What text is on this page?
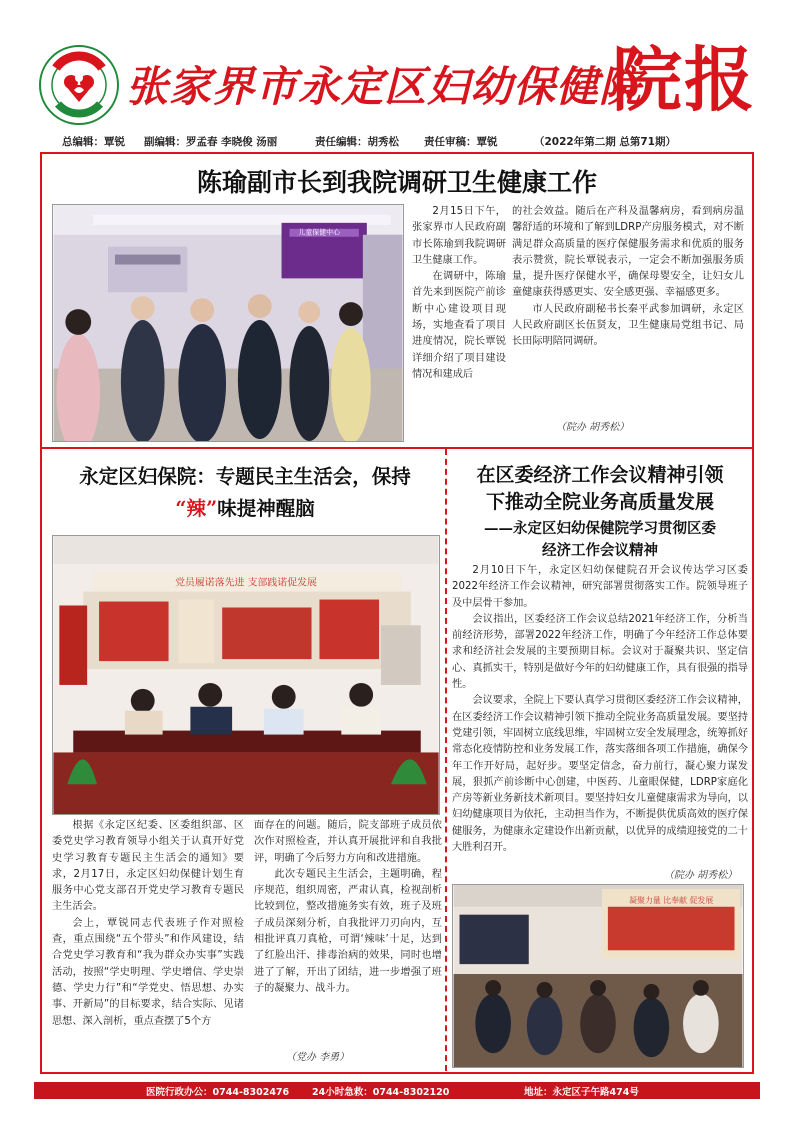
张家界市永定区妇幼保健院
院报
总编辑：覃锐 副编辑：罗孟春 李晓俊 汤丽	责任编辑：胡秀松 责任审稿：覃锐	（2022年第二期 总第71期）
陈瑜副市长到我院调研卫生健康工作
儿童保健中心

2月15日下午，张家界市人民政府副市长陈瑜到我院调研卫生健康工作。

在调研中，陈瑜首先来到医院产前诊断中心建设项目现场，实地查看了项目进度情况，院长覃锐详细介绍了项目建设情况和建成后

的社会效益。随后在产科及温馨病房，看到病房温馨舒适的环境和了解到LDRP产房服务模式，对不断满足群众高质量的医疗保健服务需求和优质的服务表示赞赏，院长覃锐表示，一定会不断加强服务质量，提升医疗保健水平，确保母婴安全，让妇女儿童健康获得感更实、安全感更强、幸福感更多。

市人民政府副秘书长秦平武参加调研，永定区人民政府副区长伍贤友，卫生健康局党组书记、局长田际明陪同调研。

（院办 胡秀松）
永定区妇保院：专题民主生活会，保持
“辣”味提神醒脑
党员履诺落先进 支部践诺促发展

根据《永定区纪委、区委组织部、区委党史学习教育领导小组关于认真开好党史学习教育专题民主生活会的通知》要求，2月17日，永定区妇幼保健计划生育服务中心党支部召开党史学习教育专题民主生活会。

会上，覃锐同志代表班子作对照检查，重点围绕“五个带头”和作风建设，结合党史学习教育和“我为群众办实事”实践活动，按照“学史明理、学史增信、学史崇德、学史力行”和“学党史、悟思想、办实事、开新局”的目标要求，结合实际、见诸思想、深入剖析，重点查摆了5个方

面存在的问题。随后，院支部班子成员依次作对照检查，并认真开展批评和自我批评，明确了今后努力方向和改进措施。

此次专题民主生活会，主题明确，程序规范，组织周密，严肃认真，检视剖析比较到位，整改措施务实有效，班子及班子成员深刻分析，自我批评刀刃向内，互相批评真刀真枪，可谓‘辣味’十足，达到了红脸出汗、排毒治病的效果，同时也增进了了解，开出了团结，进一步增强了班子的凝聚力、战斗力。

（党办 李勇）
在区委经济工作会议精神引领
下推动全院业务高质量发展
——永定区妇幼保健院学习贯彻区委
经济工作会议精神

2月10日下午，永定区妇幼保健院召开会议传达学习区委2022年经济工作会议精神，研究部署贯彻落实工作。院领导班子及中层骨干参加。

会议指出，区委经济工作会议总结2021年经济工作，分析当前经济形势，部署2022年经济工作，明确了今年经济工作总体要求和经济社会发展的主要预期目标。会议对于凝聚共识、坚定信心、真抓实干，特别是做好今年的妇幼健康工作，具有很强的指导性。

会议要求，全院上下要认真学习贯彻区委经济工作会议精神，在区委经济工作会议精神引领下推动全院业务高质量发展。要坚持党建引领，牢固树立底线思维，牢固树立安全发展理念，统筹抓好常态化疫情防控和业务发展工作，落实落细各项工作措施，确保今年工作开好局，起好步。要坚定信念，奋力前行，凝心聚力谋发展，狠抓产前诊断中心创建，中医药、儿童眼保健，LDRP家庭化产房等新业务新技术新项目。要坚持妇女儿童健康需求为导向，以妇幼健康项目为依托，主动担当作为，不断提供优质高效的医疗保健服务，为健康永定建设作出新贡献，以优异的成绩迎接党的二十大胜利召开。

（院办 胡秀松）
凝聚力量 比奉献 促发展
医院行政办公：0744-8302476 24小时急救：0744-8302120	地址：永定区子午路474号
